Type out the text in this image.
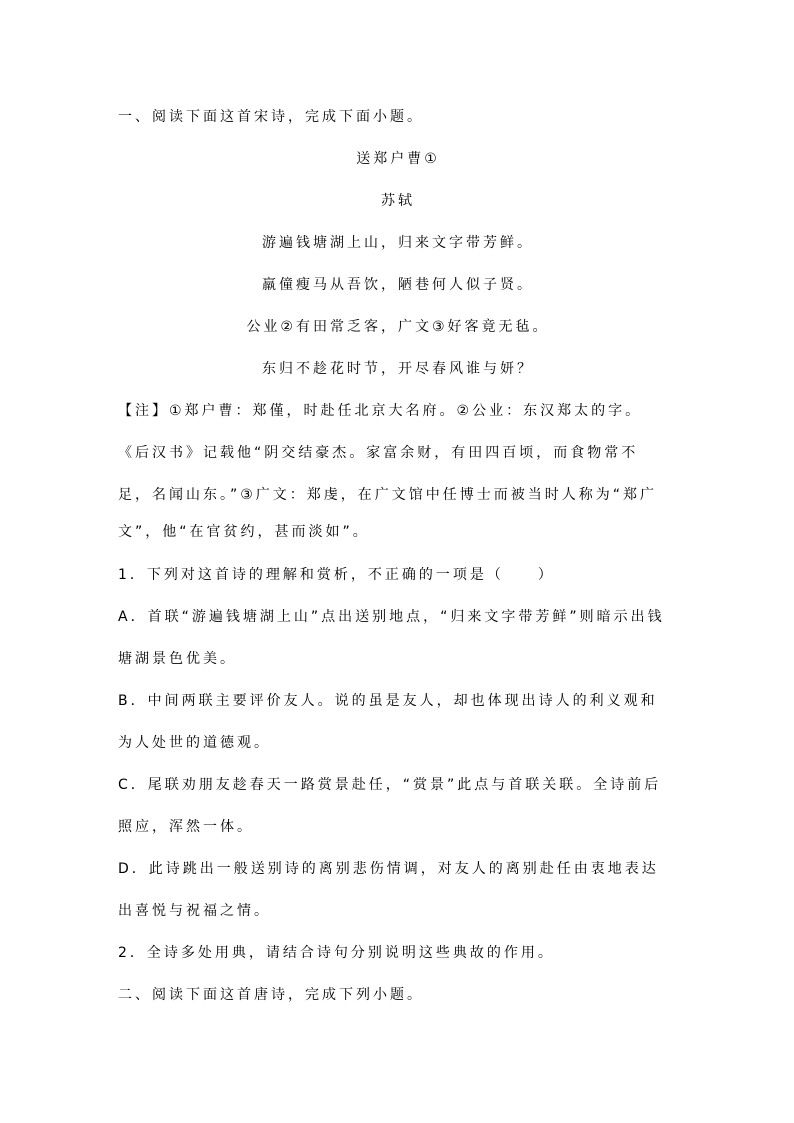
一、阅读下面这首宋诗，完成下面小题。
送郑户曹①
苏轼
游遍钱塘湖上山，归来文字带芳鲜。
羸僮瘦马从吾饮，陋巷何人似子贤。
公业②有田常乏客，广文③好客竟无毡。
东归不趁花时节，开尽春风谁与妍？
【注】①郑户曹：郑僅，时赴任北京大名府。②公业：东汉郑太的字。
《后汉书》记载他“阴交结豪杰。家富余财，有田四百顷，而食物常不
足，名闻山东。”③广文：郑虔，在广文馆中任博士而被当时人称为“郑广
文”，他“在官贫约，甚而淡如”。
1．下列对这首诗的理解和赏析，不正确的一项是（　　）
A．首联“游遍钱塘湖上山”点出送别地点，“归来文字带芳鲜”则暗示出钱
塘湖景色优美。
B．中间两联主要评价友人。说的虽是友人，却也体现出诗人的利义观和
为人处世的道德观。
C．尾联劝朋友趁春天一路赏景赴任，“赏景”此点与首联关联。全诗前后
照应，浑然一体。
D．此诗跳出一般送别诗的离别悲伤情调，对友人的离别赴任由衷地表达
出喜悦与祝福之情。
2．全诗多处用典，请结合诗句分别说明这些典故的作用。
二、阅读下面这首唐诗，完成下列小题。
